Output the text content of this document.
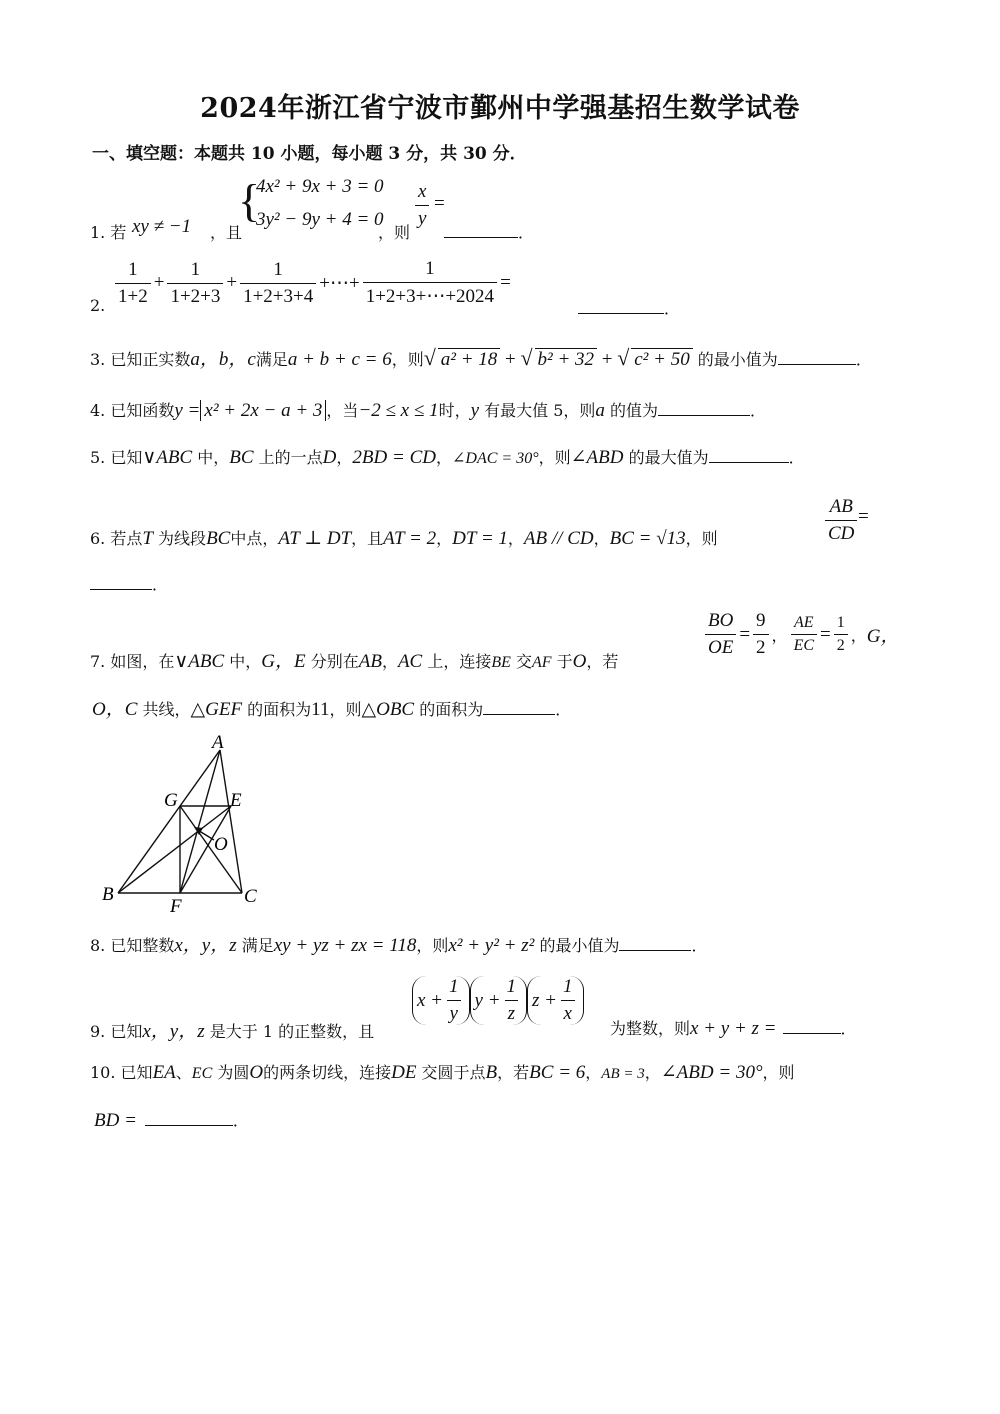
2024年浙江省宁波市鄞州中学强基招生数学试卷
一、填空题：本题共 10 小题，每小题 3 分，共 30 分．
1. 若 xy ≠ −1 ，且
{
4x² + 9x + 3 = 0
3y² − 9y + 4 = 0
，则
$\frac{x}{y}$ =
．
2. $\frac{1}{1+2} + \frac{1}{1+2+3} + \frac{1}{1+2+3+4}$ +⋯+ $\frac{1}{1+2+3+\cdots+2024}$ =
．
3. 已知正实数a，b，c满足a + b + c = 6，则√ a² + 18 + √ b² + 32 + √ c² + 50 的最小值为	．
4. 已知函数y = x² + 2x − a + 3 ，当−2 ≤ x ≤ 1时，y 有最大值 5，则a 的值为	．
5. 已知∨ABC 中，BC 上的一点D，2BD = CD，∠DAC = 30°，则∠ABD 的最大值为	．
6. 若点T 为线段BC中点，AT ⊥ DT，且AT = 2，DT = 1，AB // CD，BC = √13，则	$\frac{AB}{CD}$ =
．
7. 如图，在∨ABC 中，G，E 分别在AB，AC 上，连接BE 交AF 于O，若
$\frac{BO}{OE} = \frac{9}{2}$ ， $\frac{AE}{EC} = \frac{1}{2}$ ， G，
O，C 共线，△GEF 的面积为11，则△OBC 的面积为	．
A
G	E
O
B	C
F
8. 已知整数x，y，z 满足xy + yz + zx = 118，则x² + y² + z² 的最小值为	．
9. 已知x，y，z 是大于 1 的正整数，且
$x + \frac{1}{y}$ $y + \frac{1}{z}$ $z + \frac{1}{x}$
为整数，则x + y + z =	．
10. 已知EA、EC 为圆O的两条切线，连接DE 交圆于点B，若BC = 6，AB = 3，∠ABD = 30°，则
BD =	．
